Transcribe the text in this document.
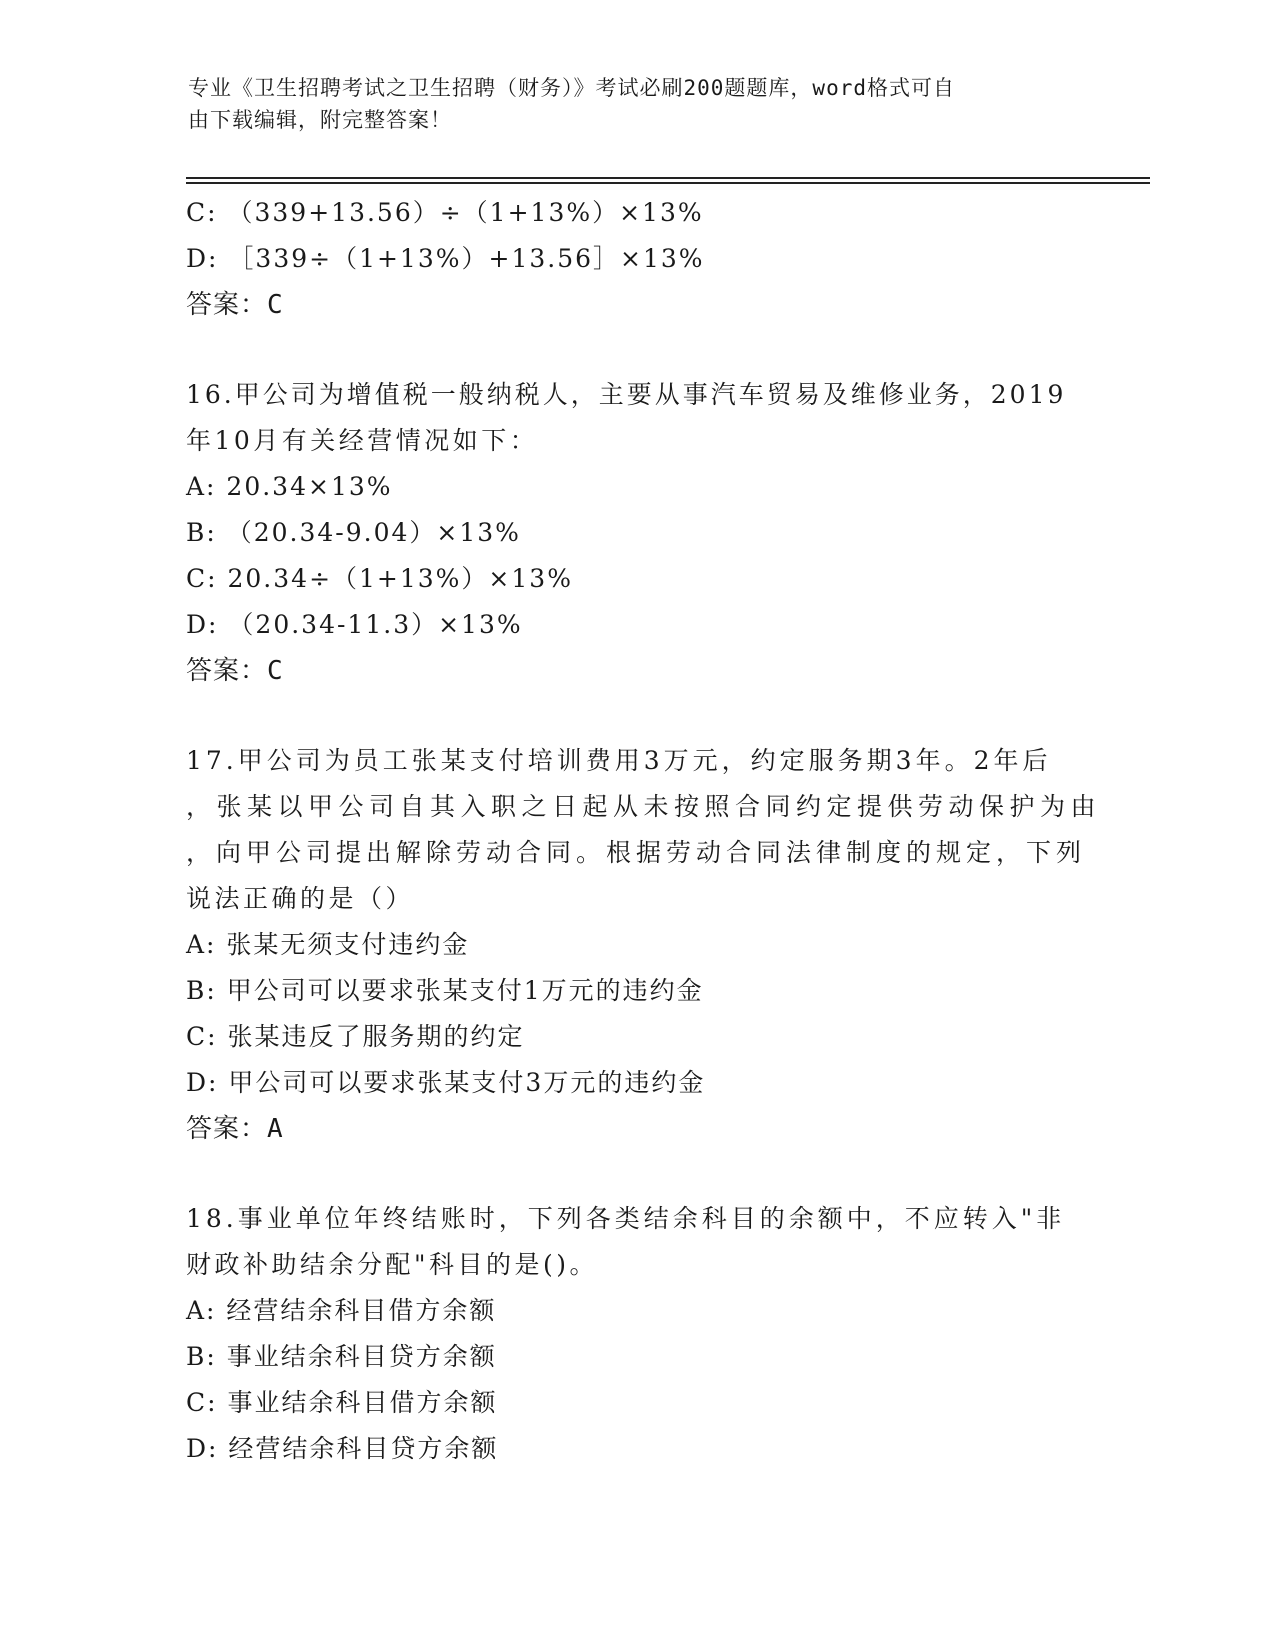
专业《卫生招聘考试之卫生招聘（财务）》考试必刷200题题库，word格式可自
由下载编辑，附完整答案！
C: （339+13.56）÷（1+13%）×13%
D: ［339÷（1+13%）+13.56］×13%
答案：C
16.甲公司为增值税一般纳税人，主要从事汽车贸易及维修业务，2019
年10月有关经营情况如下：
A: 20.34×13%
B: （20.34-9.04）×13%
C: 20.34÷（1+13%）×13%
D: （20.34-11.3）×13%
答案：C
17.甲公司为员工张某支付培训费用3万元，约定服务期3年。2年后
，张某以甲公司自其入职之日起从未按照合同约定提供劳动保护为由
，向甲公司提出解除劳动合同。根据劳动合同法律制度的规定，下列
说法正确的是（）
A: 张某无须支付违约金
B: 甲公司可以要求张某支付1万元的违约金
C: 张某违反了服务期的约定
D: 甲公司可以要求张某支付3万元的违约金
答案：A
18.事业单位年终结账时，下列各类结余科目的余额中，不应转入"非
财政补助结余分配"科目的是()。
A: 经营结余科目借方余额
B: 事业结余科目贷方余额
C: 事业结余科目借方余额
D: 经营结余科目贷方余额
